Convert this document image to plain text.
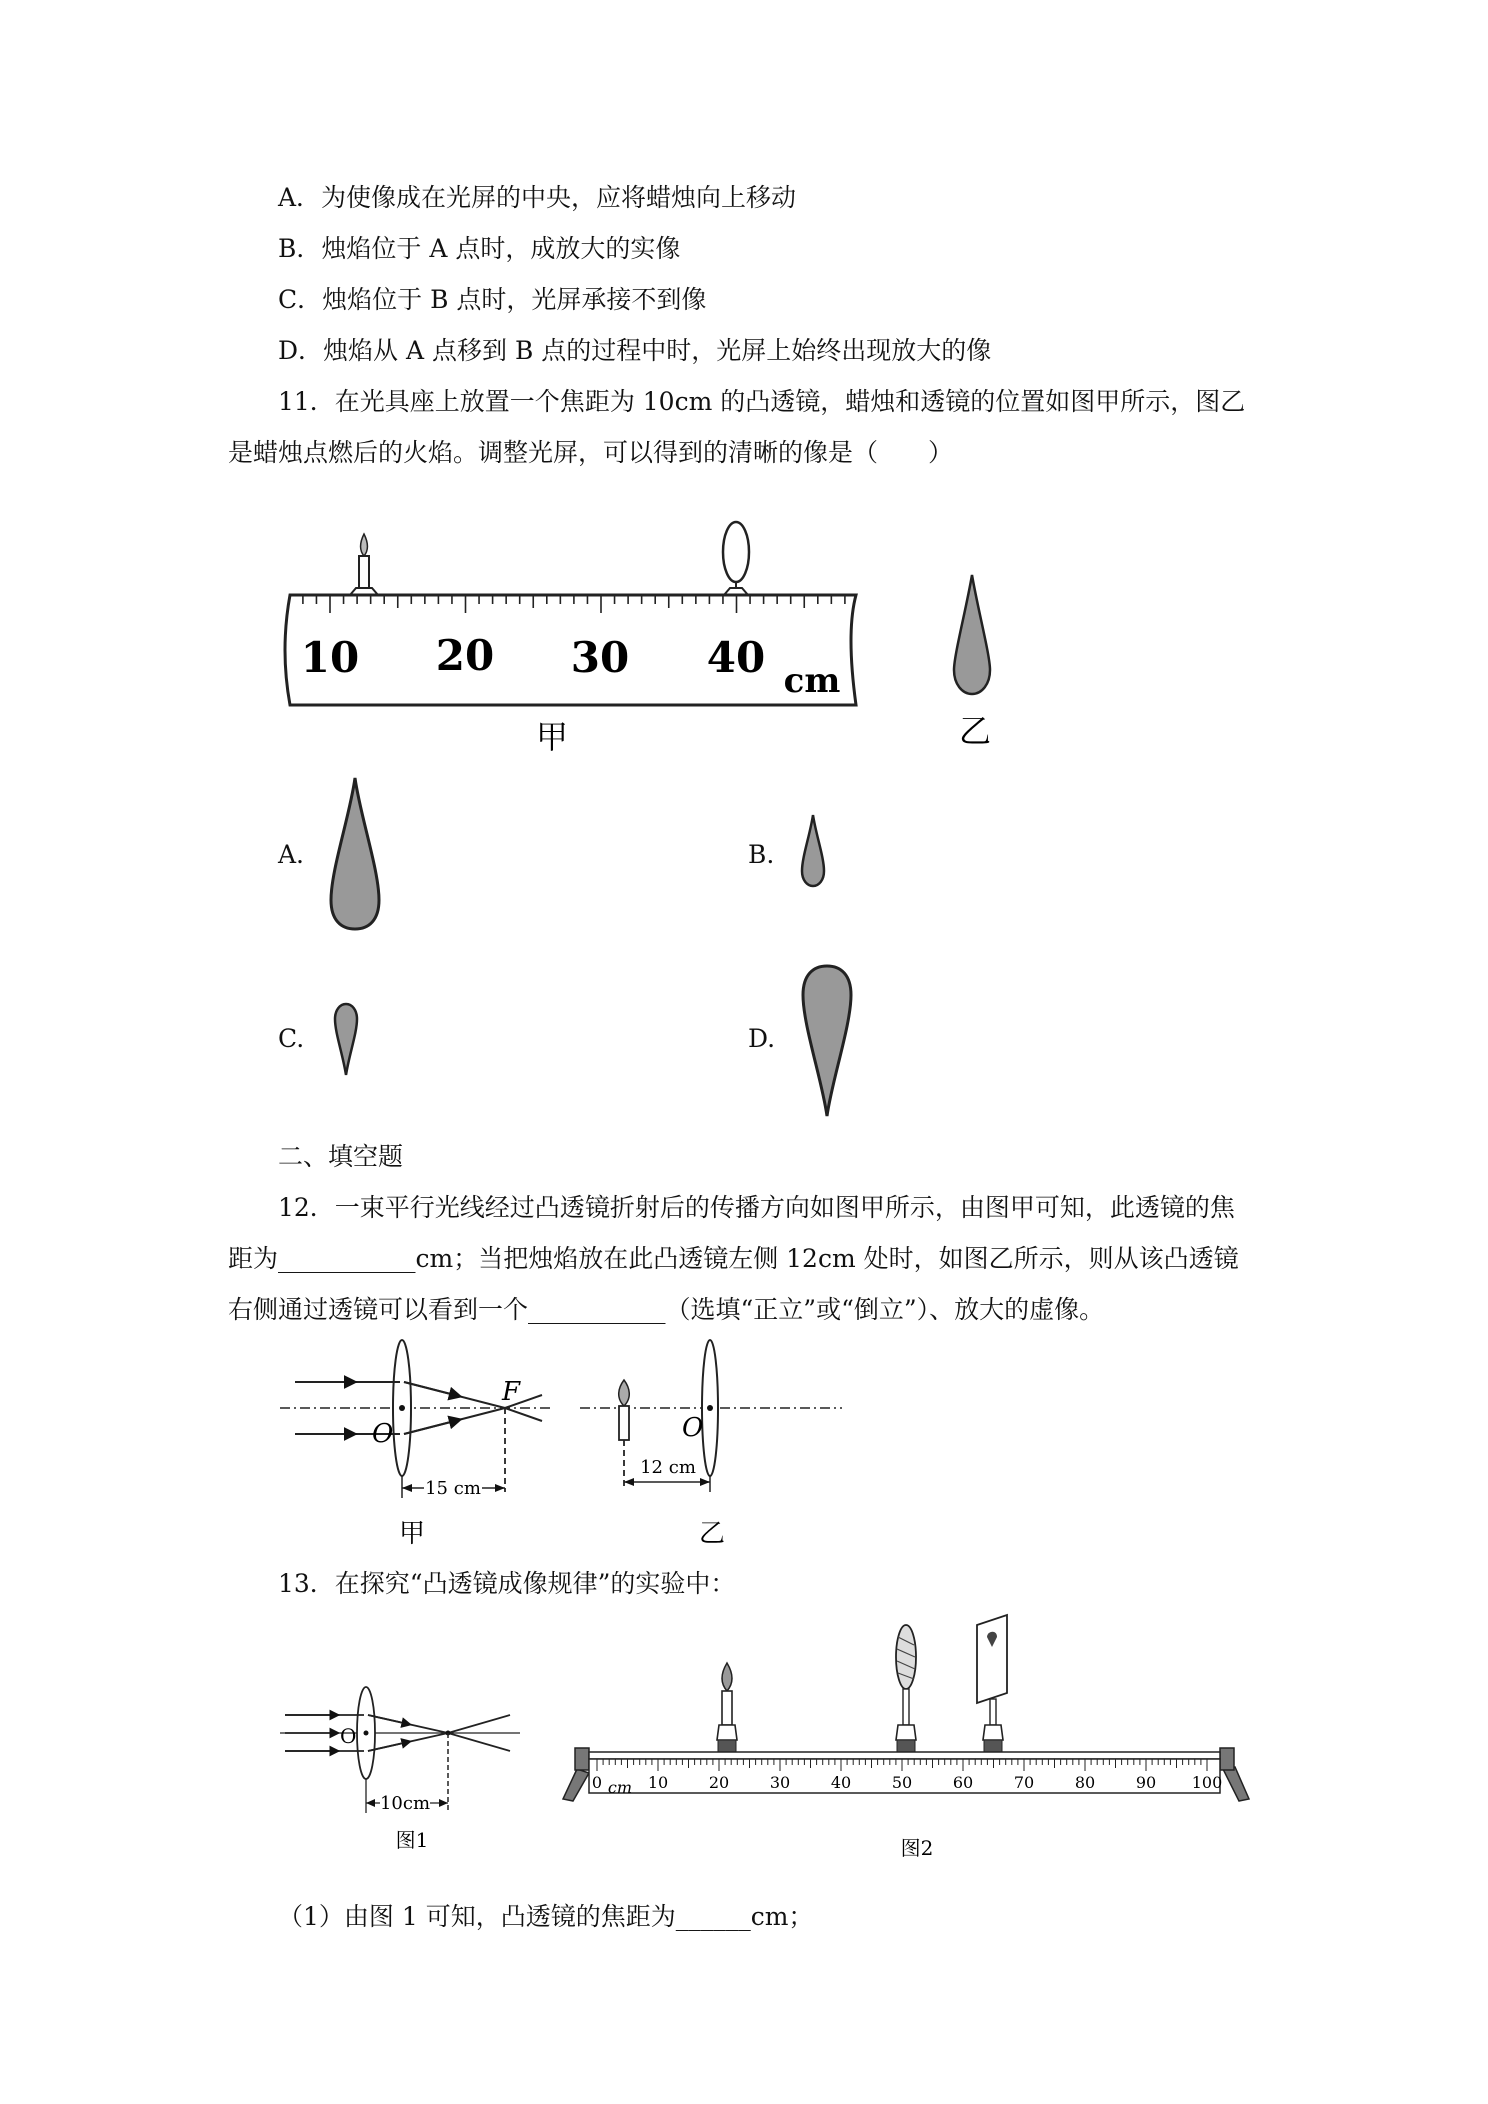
A．为使像成在光屏的中央，应将蜡烛向上移动
B．烛焰位于 A 点时，成放大的实像
C．烛焰位于 B 点时，光屏承接不到像
D．烛焰从 A 点移到 B 点的过程中时，光屏上始终出现放大的像
11．在光具座上放置一个焦距为 10cm 的凸透镜，蜡烛和透镜的位置如图甲所示，图乙
是蜡烛点燃后的火焰。调整光屏，可以得到的清晰的像是（　　）
10 20 30 40 cm
甲	乙
A.	B.
C.	D.
二、填空题
12．一束平行光线经过凸透镜折射后的传播方向如图甲所示，由图甲可知，此透镜的焦
距为___________cm；当把烛焰放在此凸透镜左侧 12cm 处时，如图乙所示，则从该凸透镜
右侧通过透镜可以看到一个___________（选填“正立”或“倒立”）、放大的虚像。
O
F
15 cm
甲
O
12 cm
乙
13．在探究“凸透镜成像规律”的实验中：
O
10cm
图1
0 cm 10	20	30	40	50	60	70	80	90 100
图2
（1）由图 1 可知，凸透镜的焦距为______cm；
